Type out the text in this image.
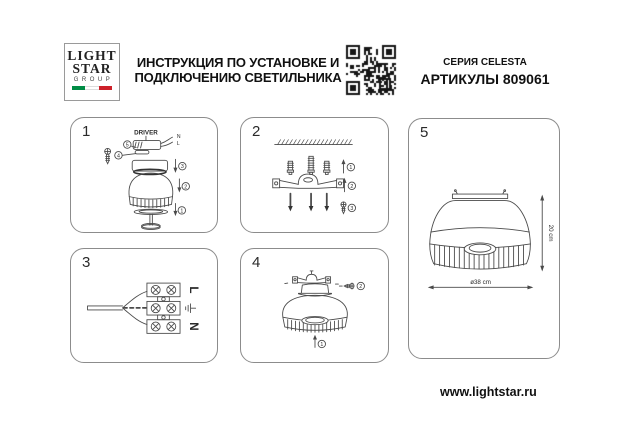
LIGHT
STAR
GROUP
ИНСТРУКЦИЯ ПО УСТАНОВКЕ И
ПОДКЛЮЧЕНИЮ СВЕТИЛЬНИКА
СЕРИЯ CELESTA
АРТИКУЛЫ 809061
1	DRIVER
N
L
5
4
3
2
1
2
1
2
3
3
L
N
4
2
1
5
20 cm
ø38 cm
www.lightstar.ru
